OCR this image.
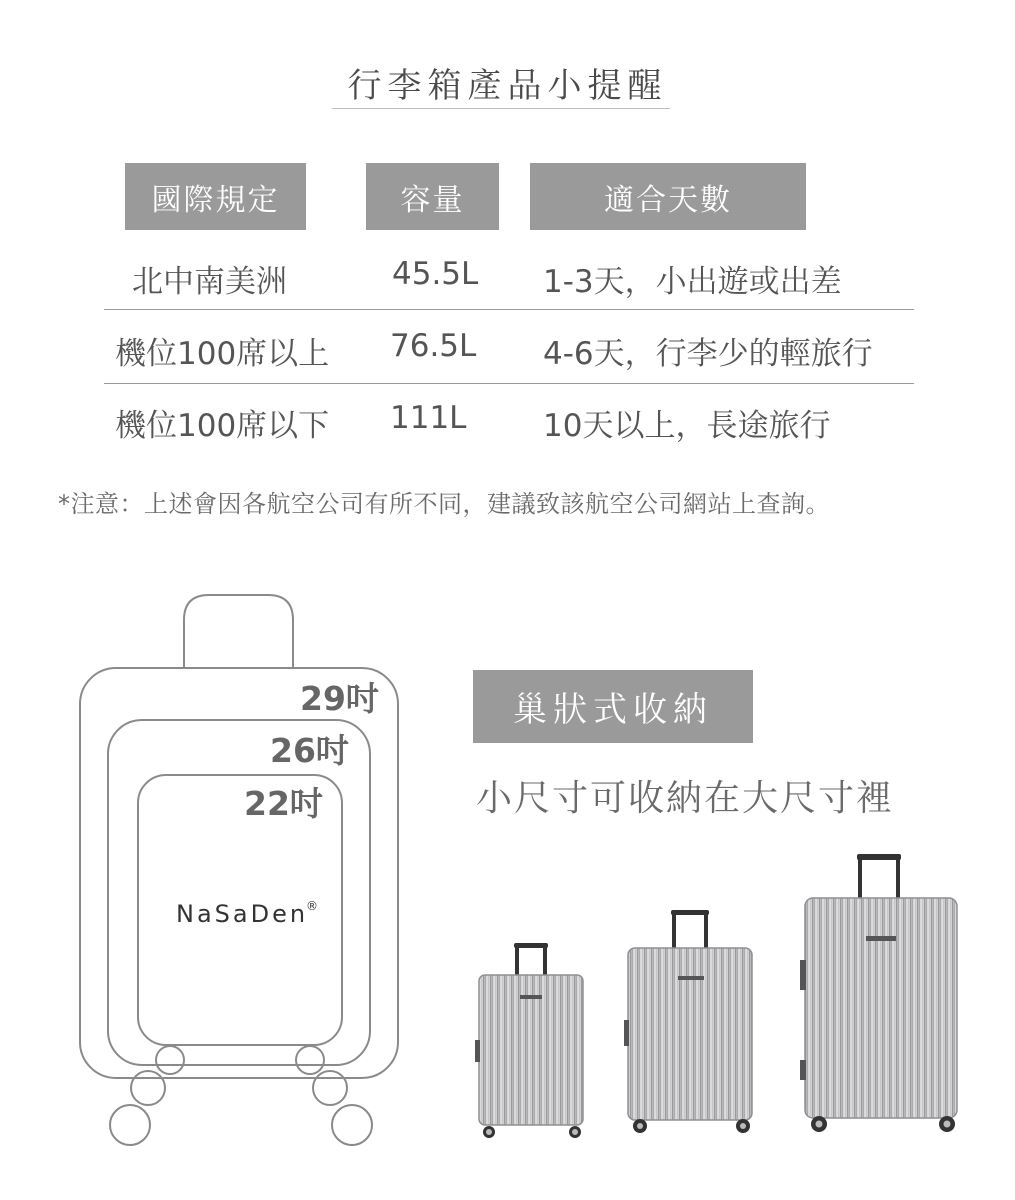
行李箱產品小提醒
國際規定	容量	適合天數
北中南美洲	45.5L 1-3天，小出遊或出差
機位100席以上 76.5L 4-6天，行李少的輕旅行
機位100席以下 111L 10天以上，長途旅行
*注意：上述會因各航空公司有所不同，建議致該航空公司網站上查詢。
29吋
26吋
22吋
NaSaDen
®
巢狀式收納
小尺寸可收納在大尺寸裡
